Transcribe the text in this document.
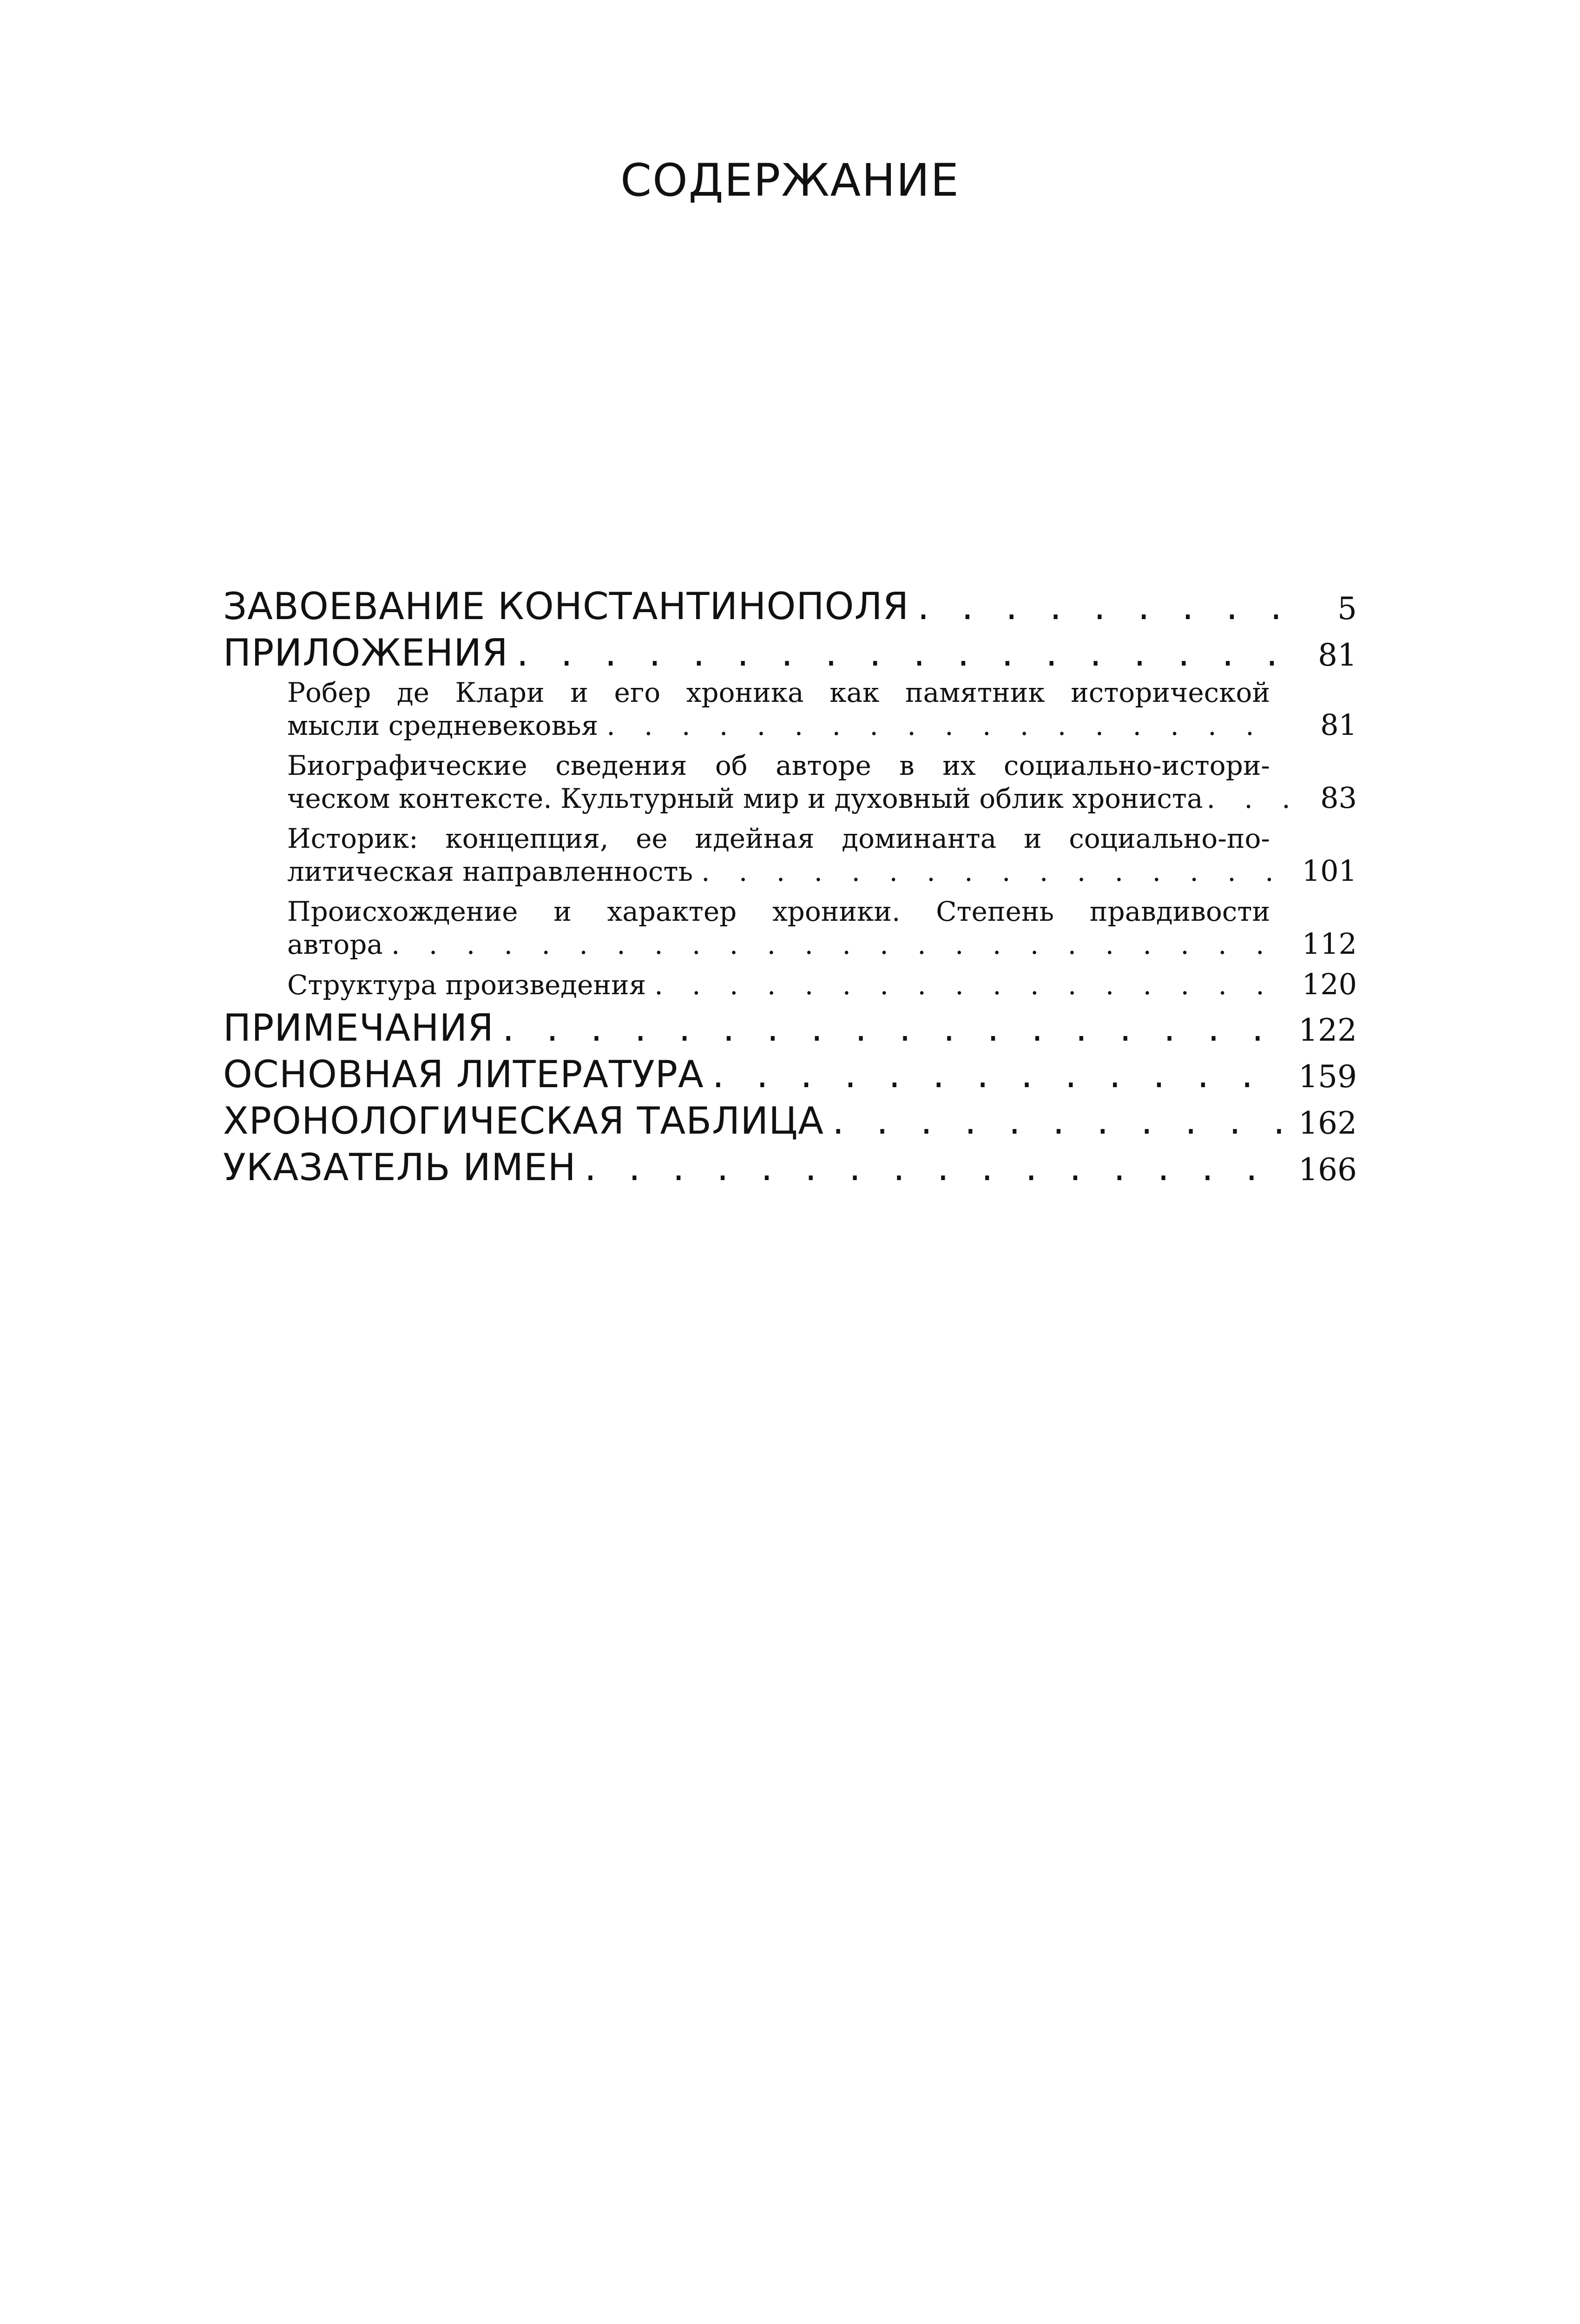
СОДЕРЖАНИЕ
ЗАВОЕВАНИЕ КОНСТАНТИНОПОЛЯ . . .	5
ПРИЛОЖЕНИЯ . . .	81
Робер де Клари и его хроника как памятник исторической
мысли средневековья . . .	81
Биографические сведения об авторе в их социально-истори-
ческом контексте. Культурный мир и духовный облик хрониста . . .	83
Историк: концепция, ее идейная доминанта и социально-по-
литическая направленность . . .	101
Происхождение и характер хроники. Степень правдивости
автора . . .	112
Структура произведения . . .	120
ПРИМЕЧАНИЯ . . .	122
ОСНОВНАЯ ЛИТЕРАТУРА . . .	159
ХРОНОЛОГИЧЕСКАЯ ТАБЛИЦА . . .	162
УКАЗАТЕЛЬ ИМЕН . . .	166
